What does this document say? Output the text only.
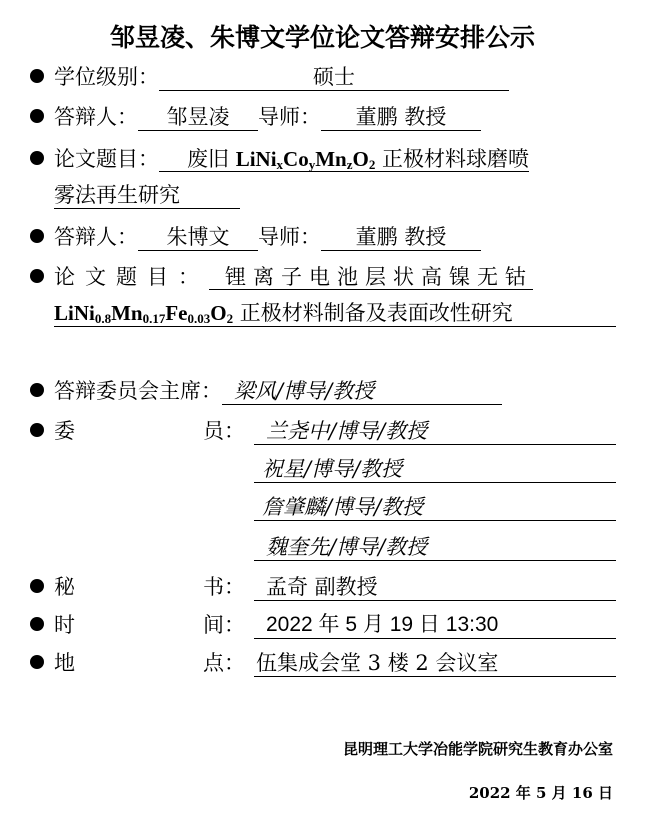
邹昱凌、朱博文学位论文答辩安排公示
学位级别：	硕士
答辩人： 邹昱凌 导师： 董鹏 教授
论文题目： 废旧 $LiNi_xCo_yMn_zO_2$ 正极材料球磨喷
雾法再生研究
答辩人： 朱博文 导师： 董鹏 教授
论文题目： 锂离子电池层状高镍无钴
$LiNi_{0.8}Mn_{0.17}Fe_{0.03}O_2$ 正极材料制备及表面改性研究
答辩委员会主席： 梁风/博导/教授
委	员：	兰尧中/博导/教授
祝星/博导/教授
詹肇麟/博导/教授
魏奎先/博导/教授
秘	书：	孟奇 副教授
时	间：	2022 年 5 月 19 日 13:30
地	点： 伍集成会堂 3 楼 2 会议室
昆明理工大学冶能学院研究生教育办公室
2022 年 5 月 16 日
